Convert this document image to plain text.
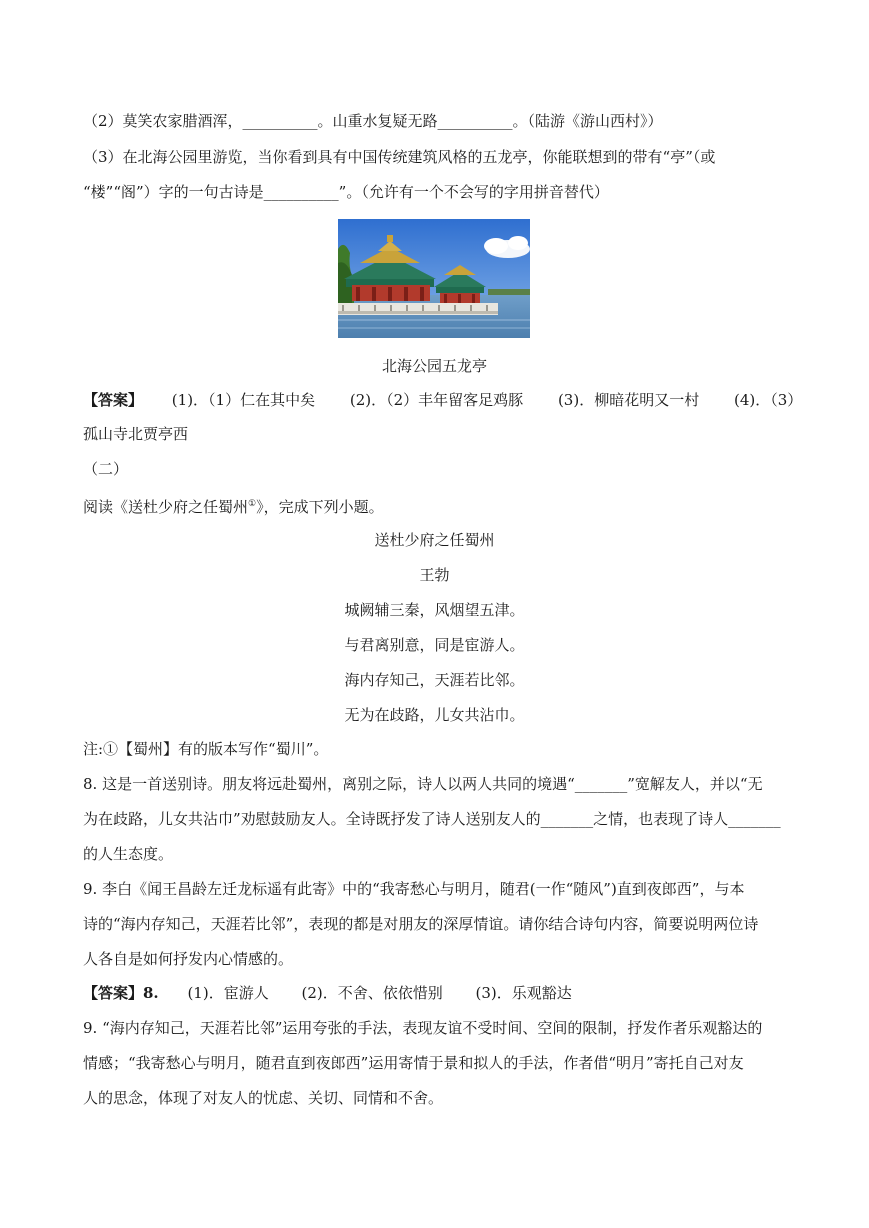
（2）莫笑农家腊酒浑，__________。山重水复疑无路__________。（陆游《游山西村》）
（3）在北海公园里游览，当你看到具有中国传统建筑风格的五龙亭，你能联想到的带有“亭”（或
“楼”“阁”）字的一句古诗是__________”。（允许有一个不会写的字用拼音替代）
北海公园五龙亭
【答案】 (1)．（1）仁在其中矣 (2)．（2）丰年留客足鸡豚 (3)．柳暗花明又一村 (4)．（3）
孤山寺北贾亭西
（二）
阅读《送杜少府之任蜀州①》，完成下列小题。
送杜少府之任蜀州
王勃
城阙辅三秦，风烟望五津。
与君离别意，同是宦游人。
海内存知己，天涯若比邻。
无为在歧路，儿女共沾巾。
注:①【蜀州】有的版本写作“蜀川”。
8. 这是一首送别诗。朋友将远赴蜀州，离别之际，诗人以两人共同的境遇“_______”宽解友人，并以“无
为在歧路，儿女共沾巾”劝慰鼓励友人。全诗既抒发了诗人送别友人的_______之情，也表现了诗人_______
的人生态度。
9. 李白《闻王昌龄左迁龙标遥有此寄》中的“我寄愁心与明月，随君(一作“随风”)直到夜郎西”，与本
诗的“海内存知己，天涯若比邻”，表现的都是对朋友的深厚情谊。请你结合诗句内容，简要说明两位诗
人各自是如何抒发内心情感的。
【答案】8. (1)．宦游人 (2)．不舍、依依惜别 (3)．乐观豁达
9. “海内存知己，天涯若比邻”运用夸张的手法，表现友谊不受时间、空间的限制，抒发作者乐观豁达的
情感；“我寄愁心与明月，随君直到夜郎西”运用寄情于景和拟人的手法，作者借“明月”寄托自己对友
人的思念，体现了对友人的忧虑、关切、同情和不舍。
